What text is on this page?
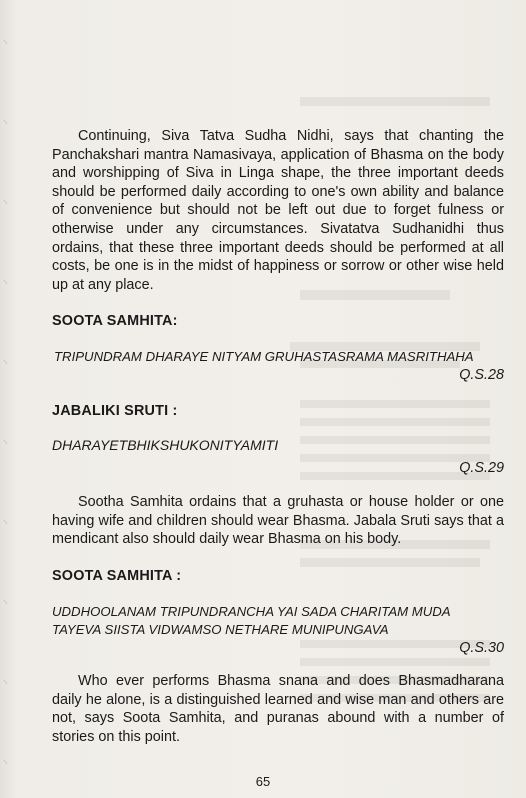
Continuing, Siva Tatva Sudha Nidhi, says that chanting the Panchakshari mantra Namasivaya, application of Bhasma on the body and worshipping of Siva in Linga shape, the three important deeds should be performed daily according to one's own ability and balance of convenience but should not be left out due to forget fulness or otherwise under any circumstances. Sivatatva Sudhanidhi thus ordains, that these three important deeds should be performed at all costs, be one is in the midst of happiness or sorrow or other wise held up at any place.

SOOTA SAMHITA:
TRIPUNDRAM DHARAYE NITYAM GRUHASTASRAMA MASRITHAHA
Q.S.28
JABALIKI SRUTI :
DHARAYETBHIKSHUKONITYAMITI
Q.S.29

Sootha Samhita ordains that a gruhasta or house holder or one having wife and children should wear Bhasma. Jabala Sruti says that a mendicant also should daily wear Bhasma on his body.

SOOTA SAMHITA :
UDDHOOLANAM TRIPUNDRANCHA YAI SADA CHARITAM MUDA
TAYEVA SIISTA VIDWAMSO NETHARE MUNIPUNGAVA
Q.S.30

Who ever performs Bhasma snana and does Bhasmadharana daily he alone, is a distinguished learned and wise man and others are not, says Soota Samhita, and puranas abound with a number of stories on this point.

65
